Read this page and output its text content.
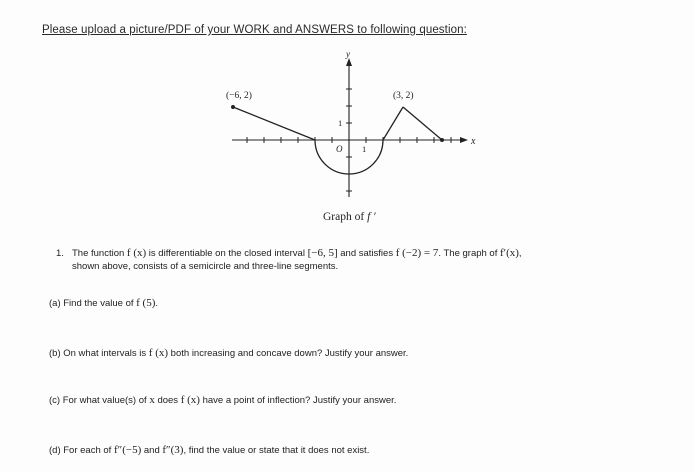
Please upload a picture/PDF of your WORK and ANSWERS to following question:
y
x
(−6, 2)	(3, 2)
1
O 1
Graph of f ′
1. The function f (x) is differentiable on the closed interval [−6, 5] and satisfies f (−2) = 7. The graph of f′(x),
shown above, consists of a semicircle and three-line segments.
(a) Find the value of f (5).
(b) On what intervals is f (x) both increasing and concave down? Justify your answer.
(c) For what value(s) of x does f (x) have a point of inflection? Justify your answer.
(d) For each of f″(−5) and f″(3), find the value or state that it does not exist.
